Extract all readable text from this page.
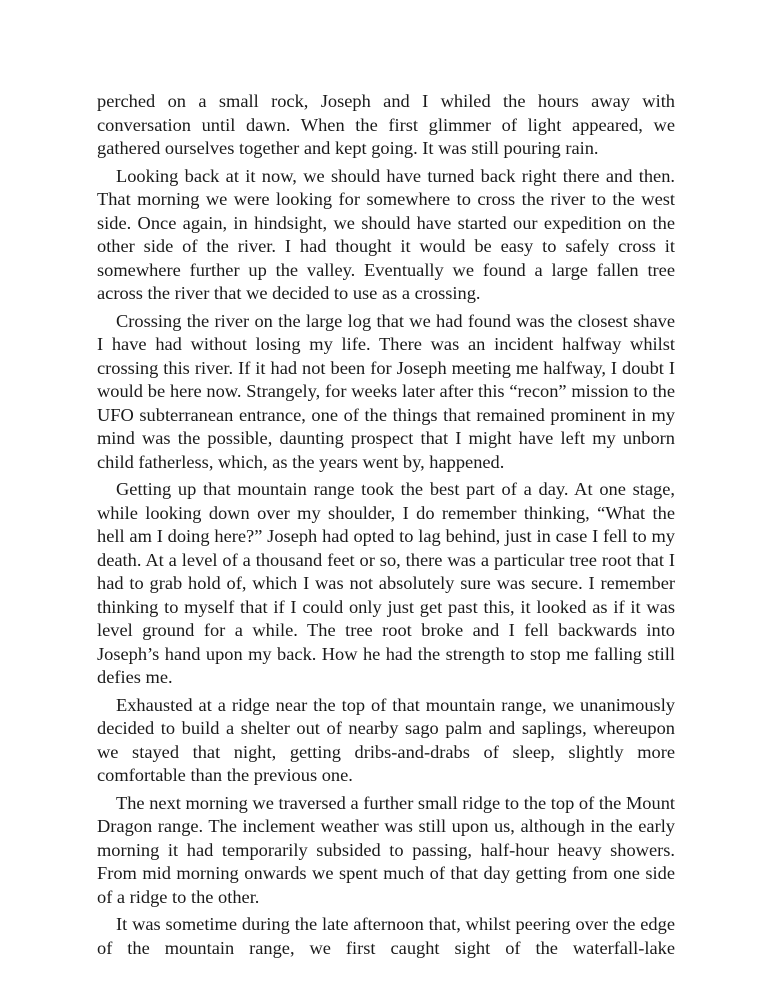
perched on a small rock, Joseph and I whiled the hours away with conversation until dawn. When the first glimmer of light appeared, we gathered ourselves together and kept going. It was still pouring rain.

Looking back at it now, we should have turned back right there and then. That morning we were looking for somewhere to cross the river to the west side. Once again, in hindsight, we should have started our expedition on the other side of the river. I had thought it would be easy to safely cross it somewhere further up the valley. Eventually we found a large fallen tree across the river that we decided to use as a crossing.

Crossing the river on the large log that we had found was the closest shave I have had without losing my life. There was an incident halfway whilst crossing this river. If it had not been for Joseph meeting me halfway, I doubt I would be here now. Strangely, for weeks later after this “recon” mission to the UFO subterranean entrance, one of the things that remained prominent in my mind was the possible, daunting prospect that I might have left my unborn child fatherless, which, as the years went by, happened.

Getting up that mountain range took the best part of a day. At one stage, while looking down over my shoulder, I do remember thinking, “What the hell am I doing here?” Joseph had opted to lag behind, just in case I fell to my death. At a level of a thousand feet or so, there was a particular tree root that I had to grab hold of, which I was not absolutely sure was secure. I remember thinking to myself that if I could only just get past this, it looked as if it was level ground for a while. The tree root broke and I fell backwards into Joseph’s hand upon my back. How he had the strength to stop me falling still defies me.

Exhausted at a ridge near the top of that mountain range, we unanimously decided to build a shelter out of nearby sago palm and saplings, whereupon we stayed that night, getting dribs-and-drabs of sleep, slightly more comfortable than the previous one.

The next morning we traversed a further small ridge to the top of the Mount Dragon range. The inclement weather was still upon us, although in the early morning it had temporarily subsided to passing, half-hour heavy showers. From mid morning onwards we spent much of that day getting from one side of a ridge to the other.

It was sometime during the late afternoon that, whilst peering over the edge of the mountain range, we first caught sight of the waterfall-lake
